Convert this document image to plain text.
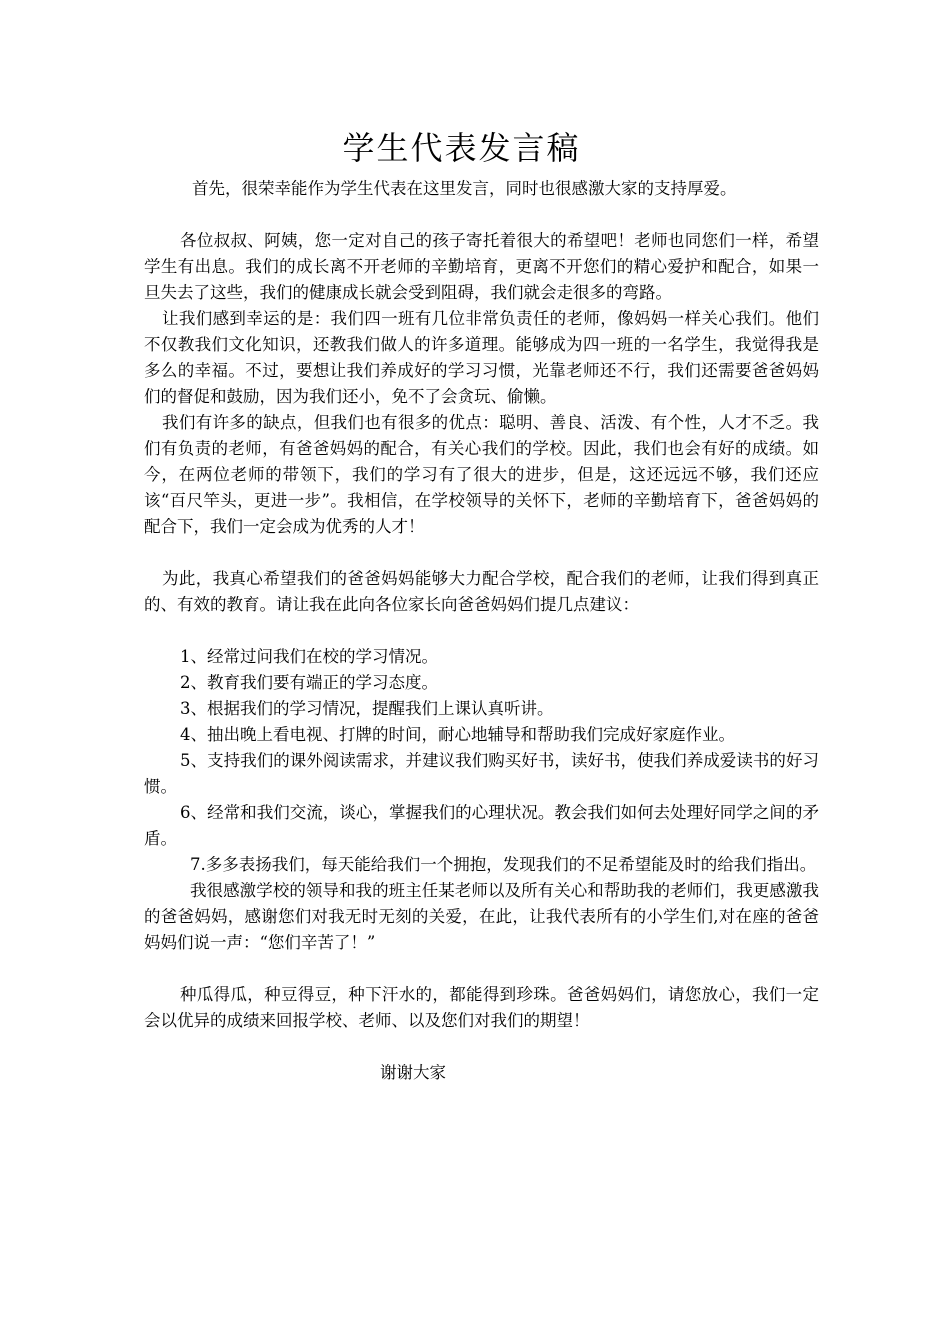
学生代表发言稿

首先，很荣幸能作为学生代表在这里发言，同时也很感激大家的支持厚爱。

各位叔叔、阿姨，您一定对自己的孩子寄托着很大的希望吧！老师也同您们一样，希望学生有出息。我们的成长离不开老师的辛勤培育，更离不开您们的精心爱护和配合，如果一旦失去了这些，我们的健康成长就会受到阻碍，我们就会走很多的弯路。

让我们感到幸运的是：我们四一班有几位非常负责任的老师，像妈妈一样关心我们。他们不仅教我们文化知识，还教我们做人的许多道理。能够成为四一班的一名学生，我觉得我是多么的幸福。不过，要想让我们养成好的学习习惯，光靠老师还不行，我们还需要爸爸妈妈们的督促和鼓励，因为我们还小，免不了会贪玩、偷懒。

我们有许多的缺点，但我们也有很多的优点：聪明、善良、活泼、有个性，人才不乏。我们有负责的老师，有爸爸妈妈的配合，有关心我们的学校。因此，我们也会有好的成绩。如今，在两位老师的带领下，我们的学习有了很大的进步，但是，这还远远不够，我们还应该“百尺竿头，更进一步”。我相信，在学校领导的关怀下，老师的辛勤培育下，爸爸妈妈的配合下，我们一定会成为优秀的人才！

为此，我真心希望我们的爸爸妈妈能够大力配合学校，配合我们的老师，让我们得到真正的、有效的教育。请让我在此向各位家长向爸爸妈妈们提几点建议：

1、经常过问我们在校的学习情况。

2、教育我们要有端正的学习态度。

3、根据我们的学习情况，提醒我们上课认真听讲。

4、抽出晚上看电视、打牌的时间，耐心地辅导和帮助我们完成好家庭作业。

5、支持我们的课外阅读需求，并建议我们购买好书，读好书，使我们养成爱读书的好习惯。

6、经常和我们交流，谈心，掌握我们的心理状况。教会我们如何去处理好同学之间的矛盾。

7.多多表扬我们，每天能给我们一个拥抱，发现我们的不足希望能及时的给我们指出。

我很感激学校的领导和我的班主任某老师以及所有关心和帮助我的老师们，我更感激我的爸爸妈妈，感谢您们对我无时无刻的关爱，在此，让我代表所有的小学生们,对在座的爸爸妈妈们说一声：“您们辛苦了！”

种瓜得瓜，种豆得豆，种下汗水的，都能得到珍珠。爸爸妈妈们，请您放心，我们一定会以优异的成绩来回报学校、老师、以及您们对我们的期望！

谢谢大家
